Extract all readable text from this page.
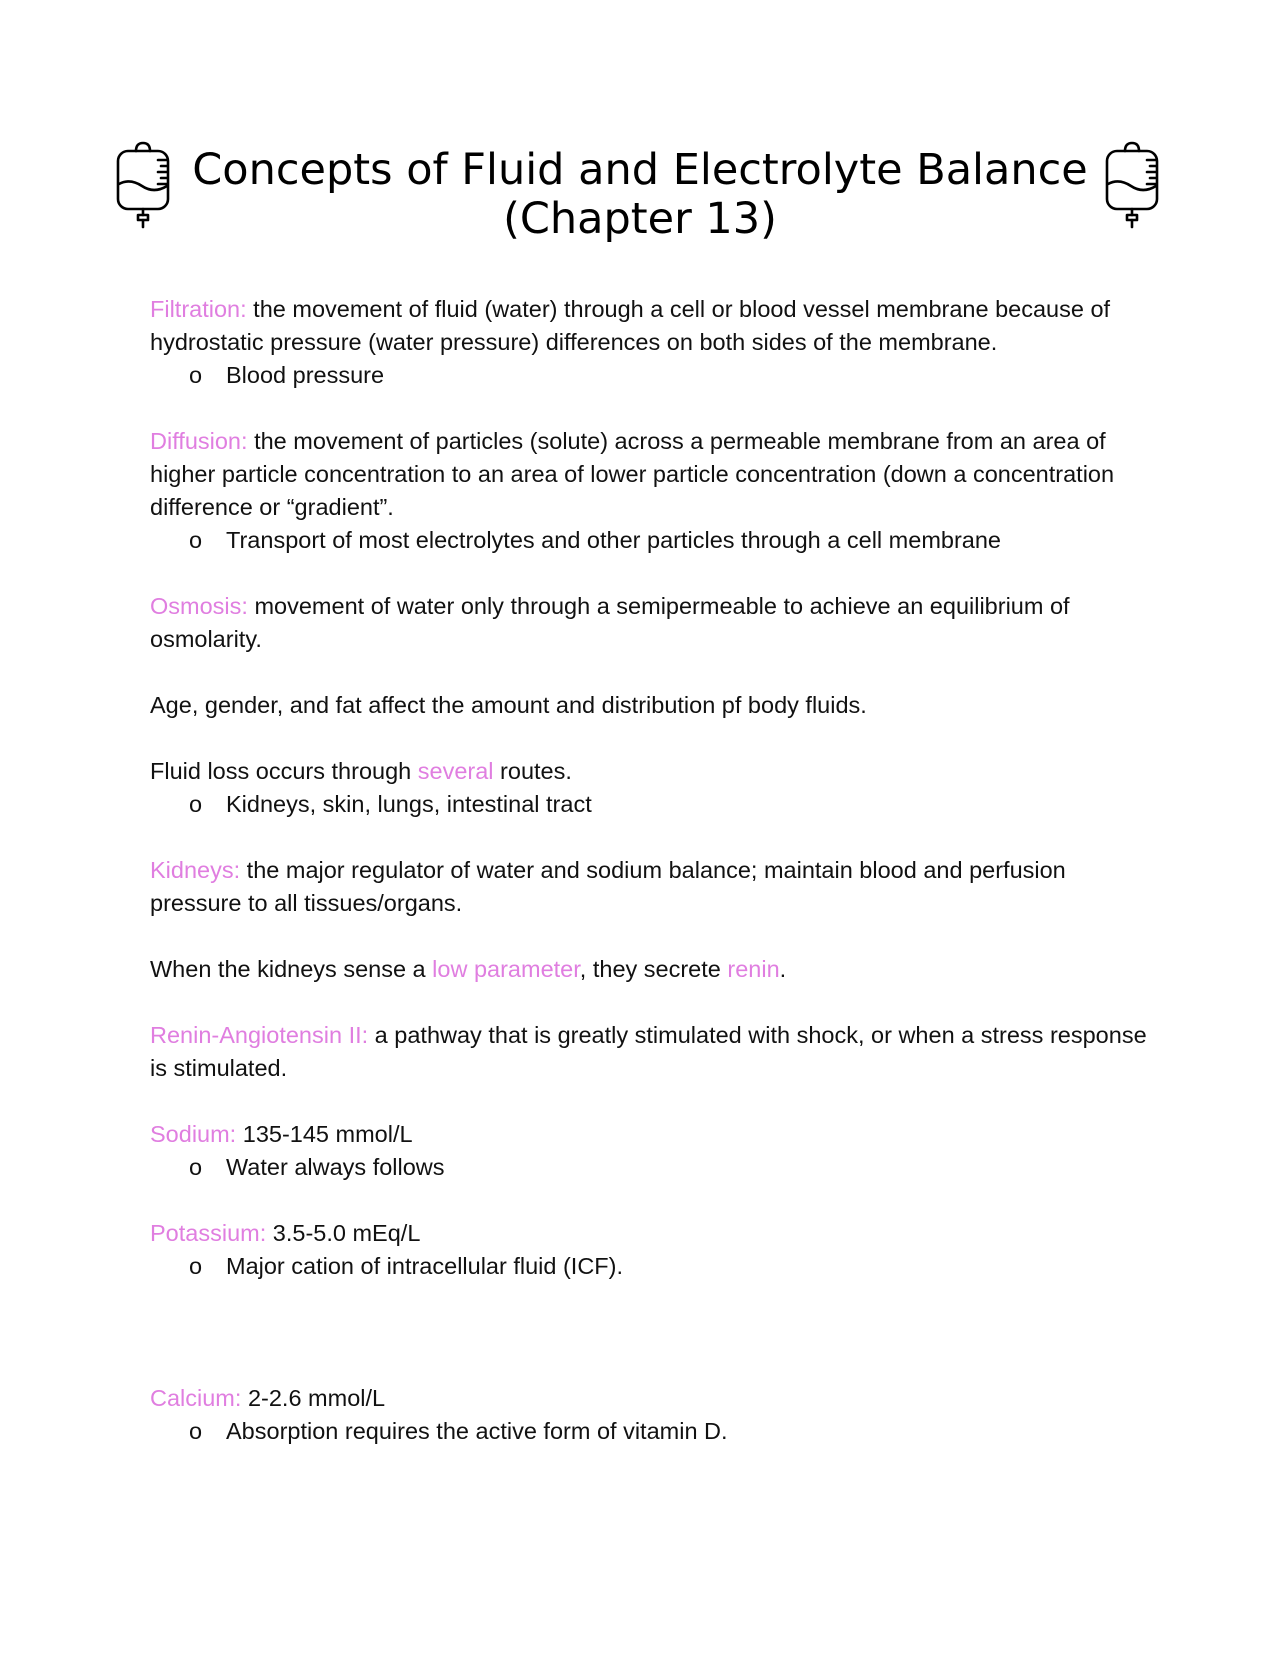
Concepts of Fluid and Electrolyte Balance
(Chapter 13)

Filtration: the movement of fluid (water) through a cell or blood vessel membrane because of hydrostatic pressure (water pressure) differences on both sides of the membrane.

o Blood pressure

Diffusion: the movement of particles (solute) across a permeable membrane from an area of higher particle concentration to an area of lower particle concentration (down a concentration difference or “gradient”.

o Transport of most electrolytes and other particles through a cell membrane

Osmosis: movement of water only through a semipermeable to achieve an equilibrium of osmolarity.

Age, gender, and fat affect the amount and distribution pf body fluids.

Fluid loss occurs through several routes.

o Kidneys, skin, lungs, intestinal tract

Kidneys: the major regulator of water and sodium balance; maintain blood and perfusion pressure to all tissues/organs.

When the kidneys sense a low parameter, they secrete renin.

Renin-Angiotensin II: a pathway that is greatly stimulated with shock, or when a stress response is stimulated.

Sodium: 135-145 mmol/L

o Water always follows

Potassium: 3.5-5.0 mEq/L

o Major cation of intracellular fluid (ICF).

Calcium: 2-2.6 mmol/L

o Absorption requires the active form of vitamin D.
